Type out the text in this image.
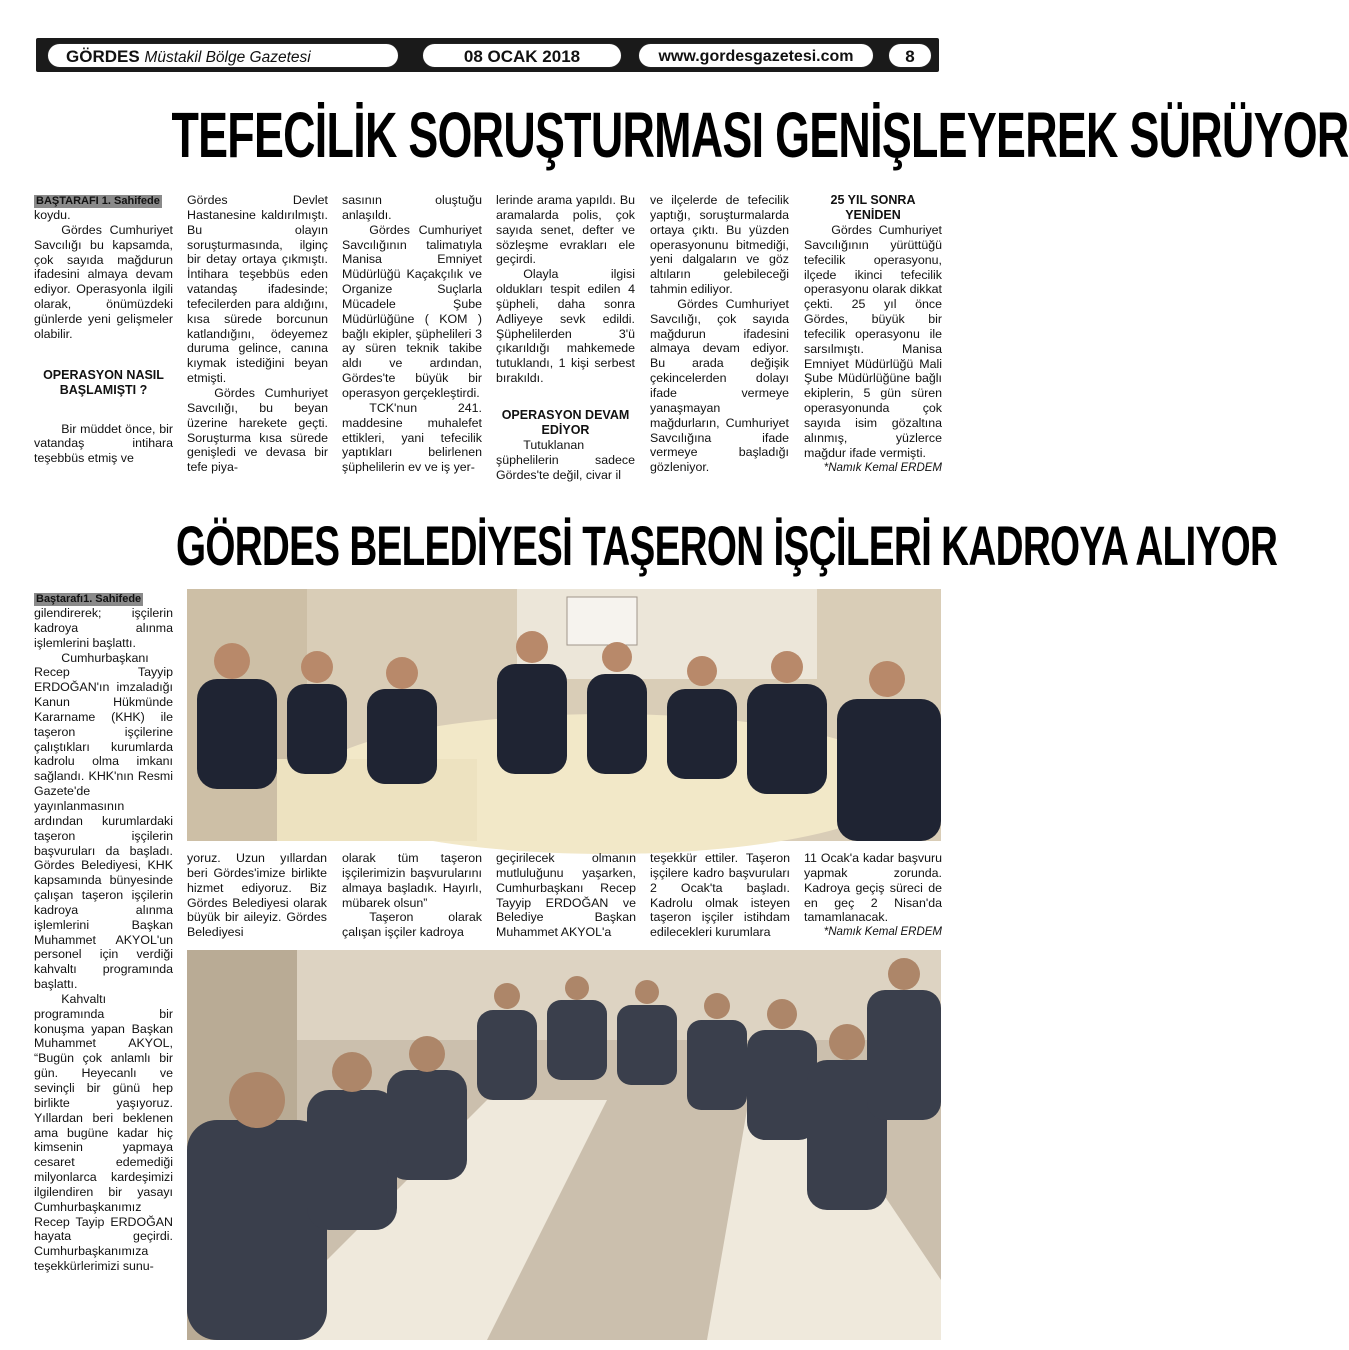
GÖRDES Müstakil Bölge Gazetesi	08 OCAK 2018	www.gordesgazetesi.com	8
TEFECİLİK SORUŞTURMASI GENİŞLEYEREK SÜRÜYOR
BAŞTARAFI 1. Sahifede

koydu.

Gördes Cumhuriyet Savcılığı bu kapsamda, çok sayıda mağdurun ifadesini almaya devam ediyor. Operasyonla ilgili olarak, önümüzdeki günlerde yeni gelişmeler olabilir.

OPERASYON NASIL BAŞLAMIŞTI ?

Bir müddet önce, bir vatandaş intihara teşebbüs etmiş ve

Gördes Devlet Hastanesine kaldırılmıştı. Bu olayın soruşturmasında, ilginç bir detay ortaya çıkmıştı. İntihara teşebbüs eden vatandaş ifadesinde; tefecilerden para aldığını, kısa sürede borcunun katlandığını, ödeyemez duruma gelince, canına kıymak istediğini beyan etmişti.

Gördes Cumhuriyet Savcılığı, bu beyan üzerine harekete geçti. Soruşturma kısa sürede genişledi ve devasa bir tefe piya-

sasının oluştuğu anlaşıldı.

Gördes Cumhuriyet Savcılığının talimatıyla Manisa Emniyet Müdürlüğü Kaçakçılık ve Organize Suçlarla Mücadele Şube Müdürlüğüne ( KOM ) bağlı ekipler, şüphelileri 3 ay süren teknik takibe aldı ve ardından, Gördes'te büyük bir operasyon gerçekleştirdi.

TCK'nun 241. maddesine muhalefet ettikleri, yani tefecilik yaptıkları belirlenen şüphelilerin ev ve iş yer-

lerinde arama yapıldı. Bu aramalarda polis, çok sayıda senet, defter ve sözleşme evrakları ele geçirdi.

Olayla ilgisi oldukları tespit edilen 4 şüpheli, daha sonra Adliyeye sevk edildi. Şüphelilerden 3'ü çıkarıldığı mahkemede tutuklandı, 1 kişi serbest bırakıldı.

OPERASYON DEVAM EDİYOR

Tutuklanan şüphelilerin sadece Gördes'te değil, civar il

ve ilçelerde de tefecilik yaptığı, soruşturmalarda ortaya çıktı. Bu yüzden operasyonunu bitmediği, yeni dalgaların ve göz altıların gelebileceği tahmin ediliyor.

Gördes Cumhuriyet Savcılığı, çok sayıda mağdurun ifadesini almaya devam ediyor. Bu arada değişik çekincelerden dolayı ifade vermeye yanaşmayan mağdurların, Cumhuriyet Savcılığına ifade vermeye başladığı gözleniyor.

25 YIL SONRA YENİDEN

Gördes Cumhuriyet Savcılığının yürüttüğü tefecilik operasyonu, ilçede ikinci tefecilik operasyonu olarak dikkat çekti. 25 yıl önce Gördes, büyük bir tefecilik operasyonu ile sarsılmıştı. Manisa Emniyet Müdürlüğü Mali Şube Müdürlüğüne bağlı ekiplerin, 5 gün süren operasyonunda çok sayıda isim gözaltına alınmış, yüzlerce mağdur ifade vermişti.

*Namık Kemal ERDEM

GÖRDES BELEDİYESİ TAŞERON İŞÇİLERİ KADROYA ALIYOR
Baştarafı1. Sahifede

gilendirerek; işçilerin kadroya alınma işlemlerini başlattı.

Cumhurbaşkanı Recep Tayyip ERDOĞAN'ın imzaladığı Kanun Hükmünde Kararname (KHK) ile taşeron işçilerine çalıştıkları kurumlarda kadrolu olma imkanı sağlandı. KHK'nın Resmi Gazete'de yayınlanmasının ardından kurumlardaki taşeron işçilerin başvuruları da başladı. Gördes Belediyesi, KHK kapsamında bünyesinde çalışan taşeron işçilerin kadroya alınma işlemlerini Başkan Muhammet AKYOL'un personel için verdiği kahvaltı programında başlattı.

Kahvaltı programında bir konuşma yapan Başkan Muhammet AKYOL, “Bugün çok anlamlı bir gün. Heyecanlı ve sevinçli bir günü hep birlikte yaşıyoruz. Yıllardan beri beklenen ama bugüne kadar hiç kimsenin yapmaya cesaret edemediği milyonlarca kardeşimizi ilgilendiren bir yasayı Cumhurbaşkanımız Recep Tayip ERDOĞAN hayata geçirdi. Cumhurbaşkanımıza teşekkürlerimizi sunu-

yoruz. Uzun yıllardan beri Gördes'imize birlikte hizmet ediyoruz. Biz Gördes Belediyesi olarak büyük bir aileyiz. Gördes Belediyesi

olarak tüm taşeron işçilerimizin başvurularını almaya başladık. Hayırlı, mübarek olsun”

Taşeron olarak çalışan işçiler kadroya

geçirilecek olmanın mutluluğunu yaşarken, Cumhurbaşkanı Recep Tayyip ERDOĞAN ve Belediye Başkan Muhammet AKYOL'a

teşekkür ettiler. Taşeron işçilere kadro başvuruları 2 Ocak'ta başladı. Kadrolu olmak isteyen taşeron işçiler istihdam edilecekleri kurumlara

11 Ocak'a kadar başvuru yapmak zorunda. Kadroya geçiş süreci de en geç 2 Nisan'da tamamlanacak.

*Namık Kemal ERDEM
